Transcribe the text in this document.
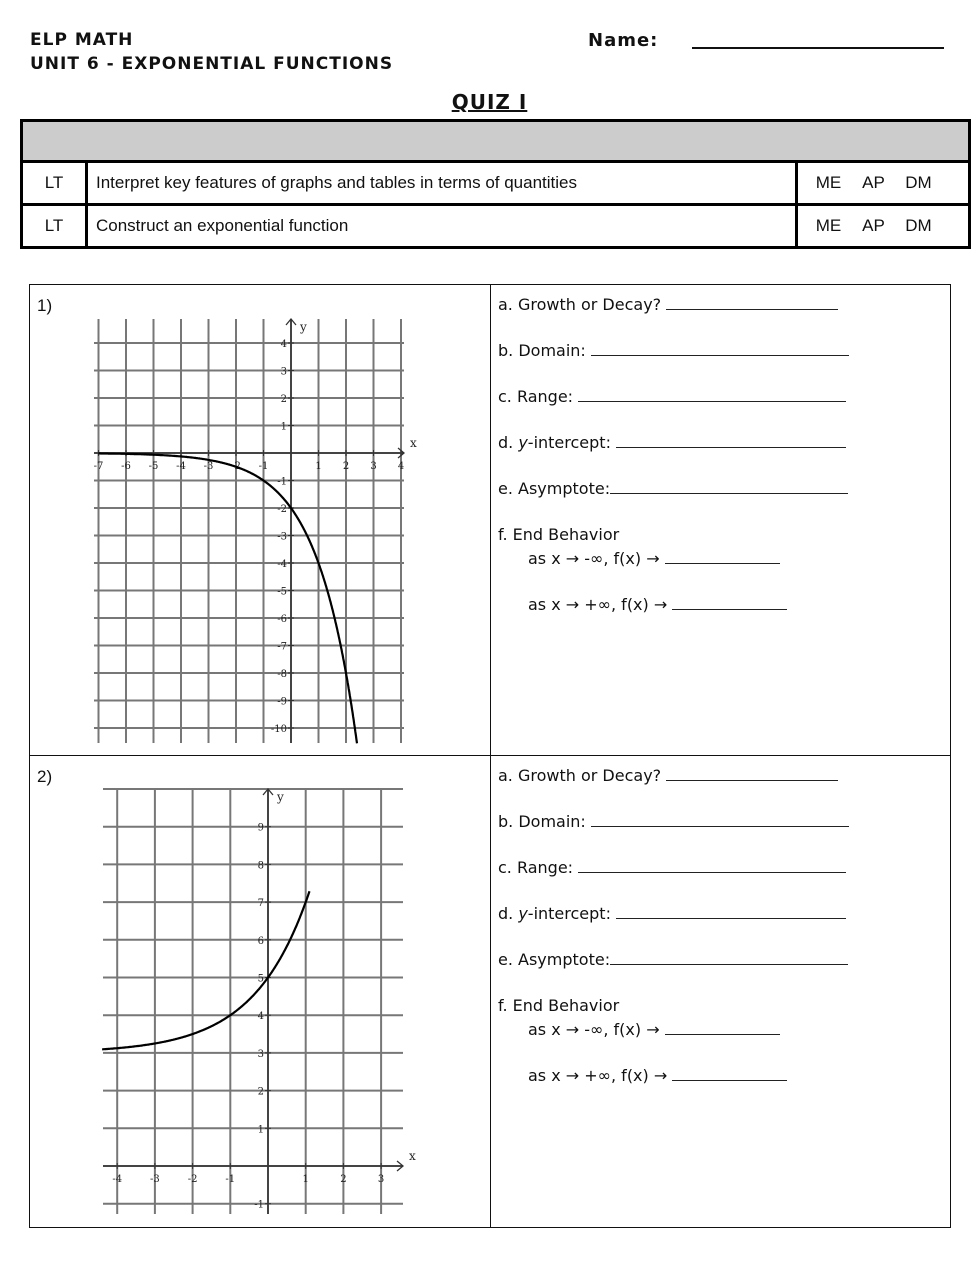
ELP MATH
UNIT 6 - EXPONENTIAL FUNCTIONS
Name:
QUIZ I

LT	Interpret key features of graphs and tables in terms of quantities	ME AP DM
LT	Construct an exponential function	ME AP DM
1)
-7 -6 -5 -4 -3 -2 -1	1 2 3 4
4
3
2
1
-1
-2
-3
-4
-5
-6
-7
-8
-9
-10
x
y
a. Growth or Decay?
b. Domain:
c. Range:
d. y-intercept:
e. Asymptote:
f. End Behavior
as x → -∞, f(x) →
as x → +∞, f(x) →
2)
-4	-3	-2	-1	1	2	3
9
8
7
6
5
4
3
2
1
-1
x
y
a. Growth or Decay?
b. Domain:
c. Range:
d. y-intercept:
e. Asymptote:
f. End Behavior
as x → -∞, f(x) →
as x → +∞, f(x) →
